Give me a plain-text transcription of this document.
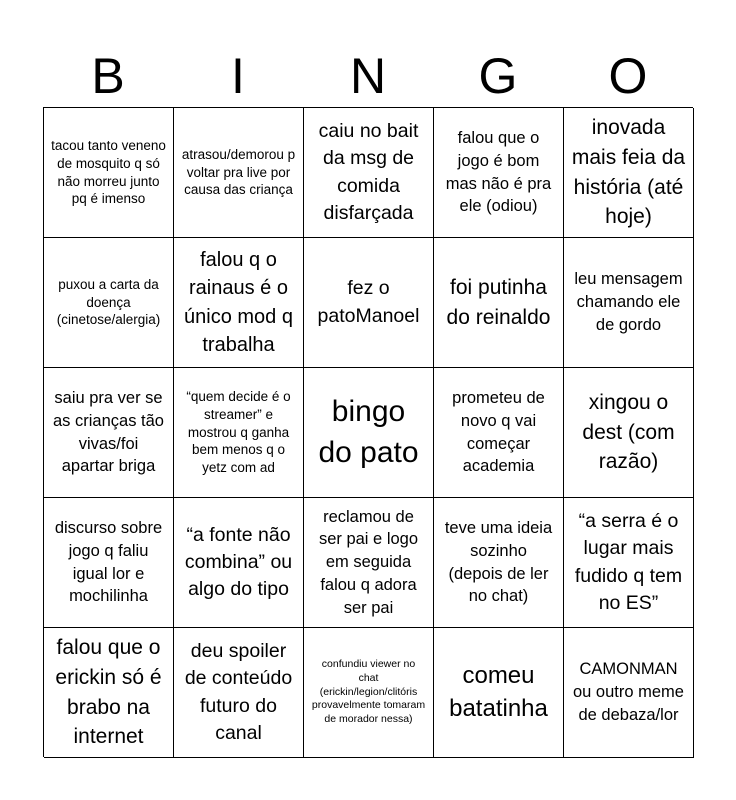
B	I	N	G	O
tacou tanto veneno de mosquito q só não morreu junto pq é imenso
atrasou/demorou p voltar pra live por causa das criança
caiu no bait da msg de comida disfarçada
falou que o jogo é bom mas não é pra ele (odiou)
inovada mais feia da história (até hoje)
puxou a carta da doença (cinetose/alergia)
falou q o rainaus é o único mod q trabalha
fez o patoManoel
foi putinha do reinaldo
leu mensagem chamando ele de gordo
saiu pra ver se as crianças tão vivas/foi apartar briga
“quem decide é o streamer” e mostrou q ganha bem menos q o yetz com ad
bingo do pato
prometeu de novo q vai começar academia
xingou o dest (com razão)
discurso sobre jogo q faliu igual lor e mochilinha
“a fonte não combina” ou algo do tipo
reclamou de ser pai e logo em seguida falou q adora ser pai
teve uma ideia sozinho (depois de ler no chat)
“a serra é o lugar mais fudido q tem no ES”
falou que o erickin só é brabo na internet
deu spoiler de conteúdo futuro do canal
confundiu viewer no chat (erickin/legion/clitóris provavelmente tomaram de morador nessa)
comeu batatinha
CAMONMAN ou outro meme de debaza/lor
